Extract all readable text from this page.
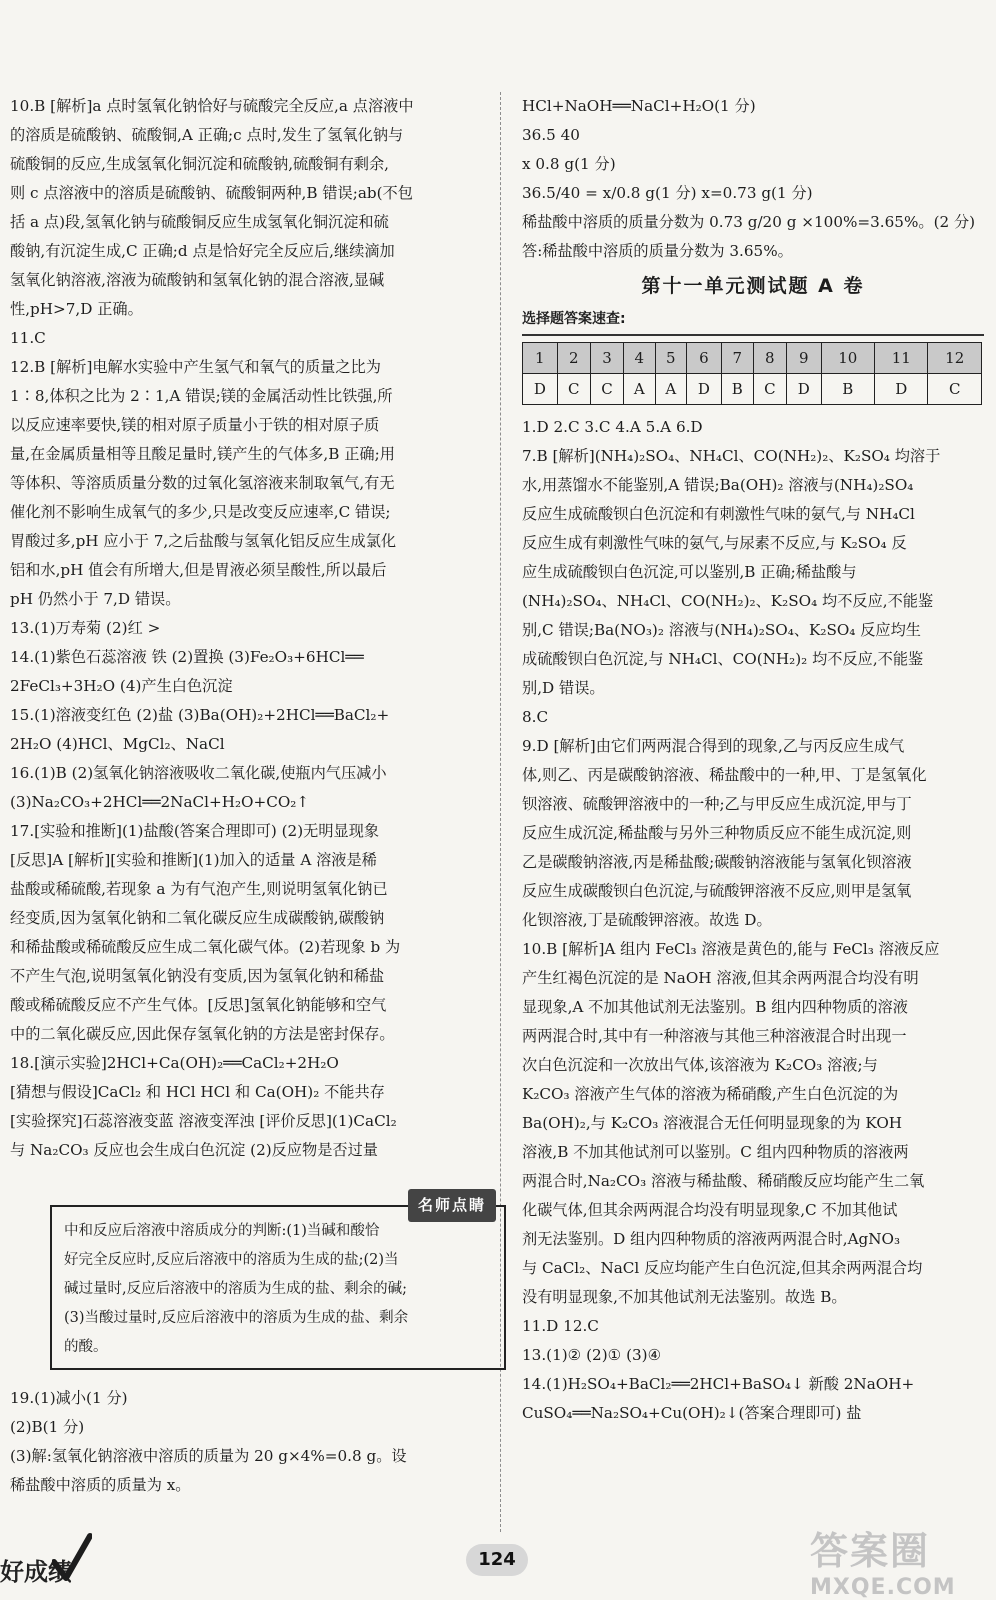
10.B [解析]a 点时氢氧化钠恰好与硫酸完全反应,a 点溶液中
的溶质是硫酸钠、硫酸铜,A 正确;c 点时,发生了氢氧化钠与
硫酸铜的反应,生成氢氧化铜沉淀和硫酸钠,硫酸铜有剩余,
则 c 点溶液中的溶质是硫酸钠、硫酸铜两种,B 错误;ab(不包
括 a 点)段,氢氧化钠与硫酸铜反应生成氢氧化铜沉淀和硫
酸钠,有沉淀生成,C 正确;d 点是恰好完全反应后,继续滴加
氢氧化钠溶液,溶液为硫酸钠和氢氧化钠的混合溶液,显碱
性,pH>7,D 正确。
11.C
12.B [解析]电解水实验中产生氢气和氧气的质量之比为
1∶8,体积之比为 2∶1,A 错误;镁的金属活动性比铁强,所
以反应速率要快,镁的相对原子质量小于铁的相对原子质
量,在金属质量相等且酸足量时,镁产生的气体多,B 正确;用
等体积、等溶质质量分数的过氧化氢溶液来制取氧气,有无
催化剂不影响生成氧气的多少,只是改变反应速率,C 错误;
胃酸过多,pH 应小于 7,之后盐酸与氢氧化铝反应生成氯化
铝和水,pH 值会有所增大,但是胃液必须呈酸性,所以最后
pH 仍然小于 7,D 错误。
13.(1)万寿菊 (2)红 >
14.(1)紫色石蕊溶液 铁 (2)置换 (3)Fe₂O₃+6HCl══
2FeCl₃+3H₂O (4)产生白色沉淀
15.(1)溶液变红色 (2)盐 (3)Ba(OH)₂+2HCl══BaCl₂+
2H₂O (4)HCl、MgCl₂、NaCl
16.(1)B (2)氢氧化钠溶液吸收二氧化碳,使瓶内气压减小
(3)Na₂CO₃+2HCl══2NaCl+H₂O+CO₂↑
17.[实验和推断](1)盐酸(答案合理即可) (2)无明显现象
[反思]A [解析][实验和推断](1)加入的适量 A 溶液是稀
盐酸或稀硫酸,若现象 a 为有气泡产生,则说明氢氧化钠已
经变质,因为氢氧化钠和二氧化碳反应生成碳酸钠,碳酸钠
和稀盐酸或稀硫酸反应生成二氧化碳气体。(2)若现象 b 为
不产生气泡,说明氢氧化钠没有变质,因为氢氧化钠和稀盐
酸或稀硫酸反应不产生气体。[反思]氢氧化钠能够和空气
中的二氧化碳反应,因此保存氢氧化钠的方法是密封保存。
18.[演示实验]2HCl+Ca(OH)₂══CaCl₂+2H₂O
[猜想与假设]CaCl₂ 和 HCl HCl 和 Ca(OH)₂ 不能共存
[实验探究]石蕊溶液变蓝 溶液变浑浊 [评价反思](1)CaCl₂
与 Na₂CO₃ 反应也会生成白色沉淀 (2)反应物是否过量
名师点睛
中和反应后溶液中溶质成分的判断:(1)当碱和酸恰
好完全反应时,反应后溶液中的溶质为生成的盐;(2)当
碱过量时,反应后溶液中的溶质为生成的盐、剩余的碱;
(3)当酸过量时,反应后溶液中的溶质为生成的盐、剩余
的酸。
19.(1)减小(1 分)
(2)B(1 分)
(3)解:氢氧化钠溶液中溶质的质量为 20 g×4%=0.8 g。设
稀盐酸中溶质的质量为 x。
HCl+NaOH══NaCl+H₂O(1 分)
36.5 40
x 0.8 g(1 分)
36.5/40 = x/0.8 g(1 分) x=0.73 g(1 分)
稀盐酸中溶质的质量分数为 0.73 g/20 g ×100%=3.65%。(2 分)
答:稀盐酸中溶质的质量分数为 3.65%。
第十一单元测试题 A 卷
选择题答案速查:
1	2	3	4	5	6	7	8	9	10	11	12
D	C	C	A	A	D	B	C	D	B	D	C
1.D 2.C 3.C 4.A 5.A 6.D
7.B [解析](NH₄)₂SO₄、NH₄Cl、CO(NH₂)₂、K₂SO₄ 均溶于
水,用蒸馏水不能鉴别,A 错误;Ba(OH)₂ 溶液与(NH₄)₂SO₄
反应生成硫酸钡白色沉淀和有刺激性气味的氨气,与 NH₄Cl
反应生成有刺激性气味的氨气,与尿素不反应,与 K₂SO₄ 反
应生成硫酸钡白色沉淀,可以鉴别,B 正确;稀盐酸与
(NH₄)₂SO₄、NH₄Cl、CO(NH₂)₂、K₂SO₄ 均不反应,不能鉴
别,C 错误;Ba(NO₃)₂ 溶液与(NH₄)₂SO₄、K₂SO₄ 反应均生
成硫酸钡白色沉淀,与 NH₄Cl、CO(NH₂)₂ 均不反应,不能鉴
别,D 错误。
8.C
9.D [解析]由它们两两混合得到的现象,乙与丙反应生成气
体,则乙、丙是碳酸钠溶液、稀盐酸中的一种,甲、丁是氢氧化
钡溶液、硫酸钾溶液中的一种;乙与甲反应生成沉淀,甲与丁
反应生成沉淀,稀盐酸与另外三种物质反应不能生成沉淀,则
乙是碳酸钠溶液,丙是稀盐酸;碳酸钠溶液能与氢氧化钡溶液
反应生成碳酸钡白色沉淀,与硫酸钾溶液不反应,则甲是氢氧
化钡溶液,丁是硫酸钾溶液。故选 D。
10.B [解析]A 组内 FeCl₃ 溶液是黄色的,能与 FeCl₃ 溶液反应
产生红褐色沉淀的是 NaOH 溶液,但其余两两混合均没有明
显现象,A 不加其他试剂无法鉴别。B 组内四种物质的溶液
两两混合时,其中有一种溶液与其他三种溶液混合时出现一
次白色沉淀和一次放出气体,该溶液为 K₂CO₃ 溶液;与
K₂CO₃ 溶液产生气体的溶液为稀硝酸,产生白色沉淀的为
Ba(OH)₂,与 K₂CO₃ 溶液混合无任何明显现象的为 KOH
溶液,B 不加其他试剂可以鉴别。C 组内四种物质的溶液两
两混合时,Na₂CO₃ 溶液与稀盐酸、稀硝酸反应均能产生二氧
化碳气体,但其余两两混合均没有明显现象,C 不加其他试
剂无法鉴别。D 组内四种物质的溶液两两混合时,AgNO₃
与 CaCl₂、NaCl 反应均能产生白色沉淀,但其余两两混合均
没有明显现象,不加其他试剂无法鉴别。故选 B。
11.D 12.C
13.(1)② (2)① (3)④
14.(1)H₂SO₄+BaCl₂══2HCl+BaSO₄↓ 新酸 2NaOH+
CuSO₄══Na₂SO₄+Cu(OH)₂↓(答案合理即可) 盐
好成绩	124	答案圈
MXQE.COM
